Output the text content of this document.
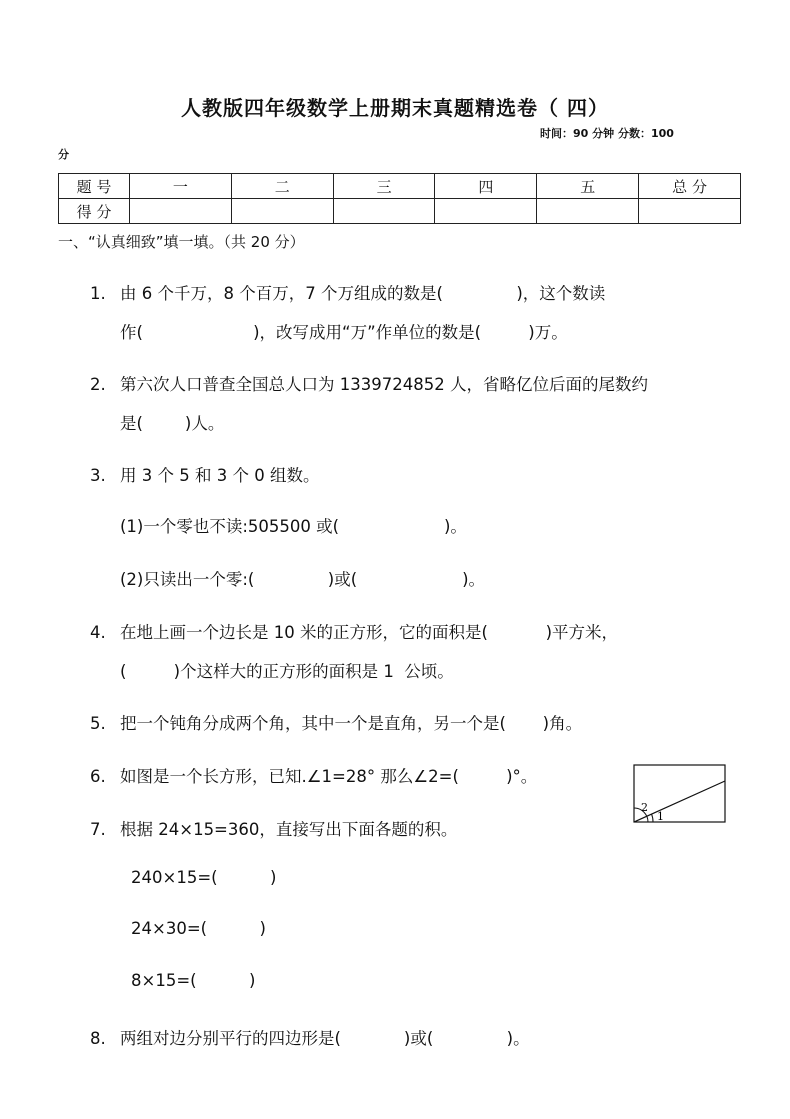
人教版四年级数学上册期末真题精选卷（ 四）
时间：90 分钟 分数：100
分
题 号	一	二	三	四	五	总 分
得 分						
一、“认真细致”填一填。（共 20 分）
1. 由 6 个千万，8 个百万，7 个万组成的数是(              )，这个数读
作(                     )，改写成用“万”作单位的数是(         )万。
2. 第六次人口普查全国总人口为 1339724852 人，省略亿位后面的尾数约
是(        )人。
3. 用 3 个 5 和 3 个 0 组数。
(1)一个零也不读:505500 或(                    )。
(2)只读出一个零:(              )或(                    )。
4. 在地上画一个边长是 10 米的正方形，它的面积是(           )平方米，
(         )个这样大的正方形的面积是 1  公顷。
5. 把一个钝角分成两个角，其中一个是直角，另一个是(       )角。
6. 如图是一个长方形，已知.∠1=28° 那么∠2=(         )°。
2
1
7. 根据 24×15=360，直接写出下面各题的积。
240×15=(          )
24×30=(          )
8×15=(          )
8. 两组对边分别平行的四边形是(            )或(              )。
